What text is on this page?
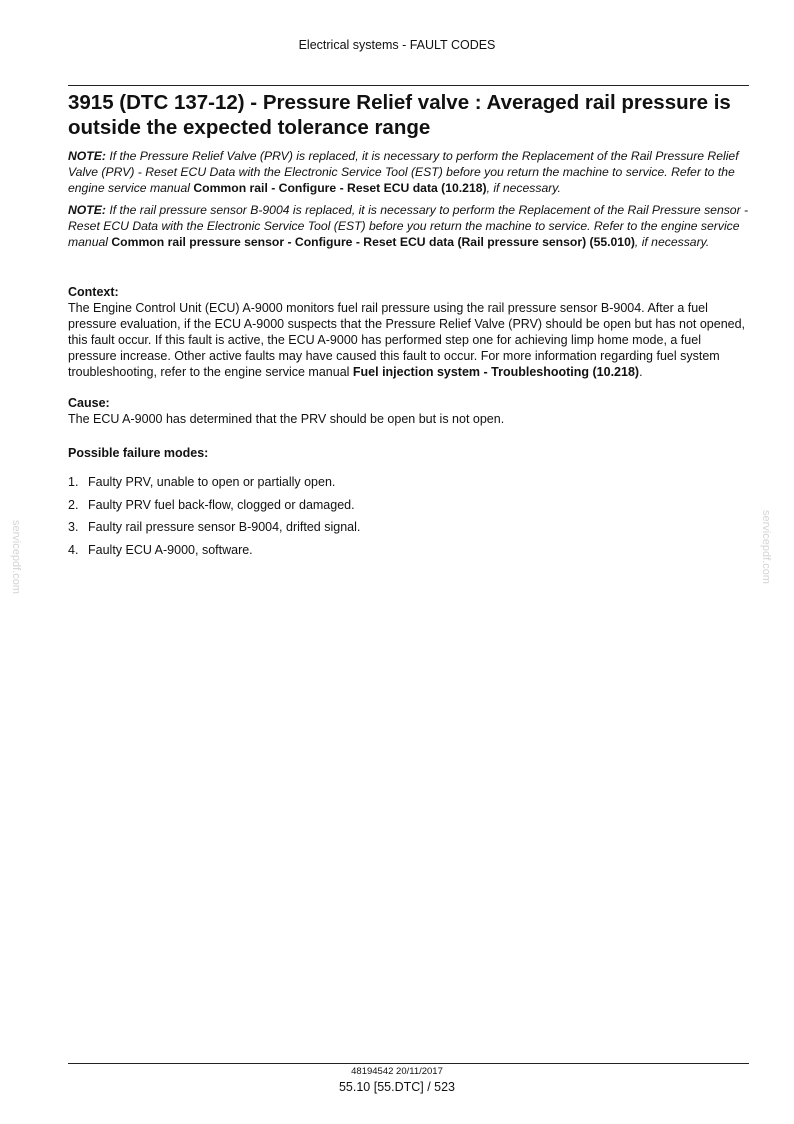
Electrical systems - FAULT CODES
3915 (DTC 137-12) - Pressure Relief valve : Averaged rail pressure is outside the expected tolerance range

NOTE: If the Pressure Relief Valve (PRV) is replaced, it is necessary to perform the Replacement of the Rail Pressure Relief Valve (PRV) - Reset ECU Data with the Electronic Service Tool (EST) before you return the machine to service. Refer to the engine service manual Common rail - Configure - Reset ECU data (10.218), if necessary.

NOTE: If the rail pressure sensor B-9004 is replaced, it is necessary to perform the Replacement of the Rail Pressure sensor - Reset ECU Data with the Electronic Service Tool (EST) before you return the machine to service. Refer to the engine service manual Common rail pressure sensor - Configure - Reset ECU data (Rail pressure sensor) (55.010), if necessary.

Context:

The Engine Control Unit (ECU) A-9000 monitors fuel rail pressure using the rail pressure sensor B-9004. After a fuel pressure evaluation, if the ECU A-9000 suspects that the Pressure Relief Valve (PRV) should be open but has not opened, this fault occur. If this fault is active, the ECU A-9000 has performed step one for achieving limp home mode, a fuel pressure increase. Other active faults may have caused this fault to occur. For more information regarding fuel system troubleshooting, refer to the engine service manual Fuel injection system - Troubleshooting (10.218).

Cause:

The ECU A-9000 has determined that the PRV should be open but is not open.

Possible failure modes:

1. Faulty PRV, unable to open or partially open.
2. Faulty PRV fuel back-flow, clogged or damaged.
3. Faulty rail pressure sensor B-9004, drifted signal.
4. Faulty ECU A-9000, software.
servicepdf.com	servicepdf.com
48194542 20/11/2017
55.10 [55.DTC] / 523
